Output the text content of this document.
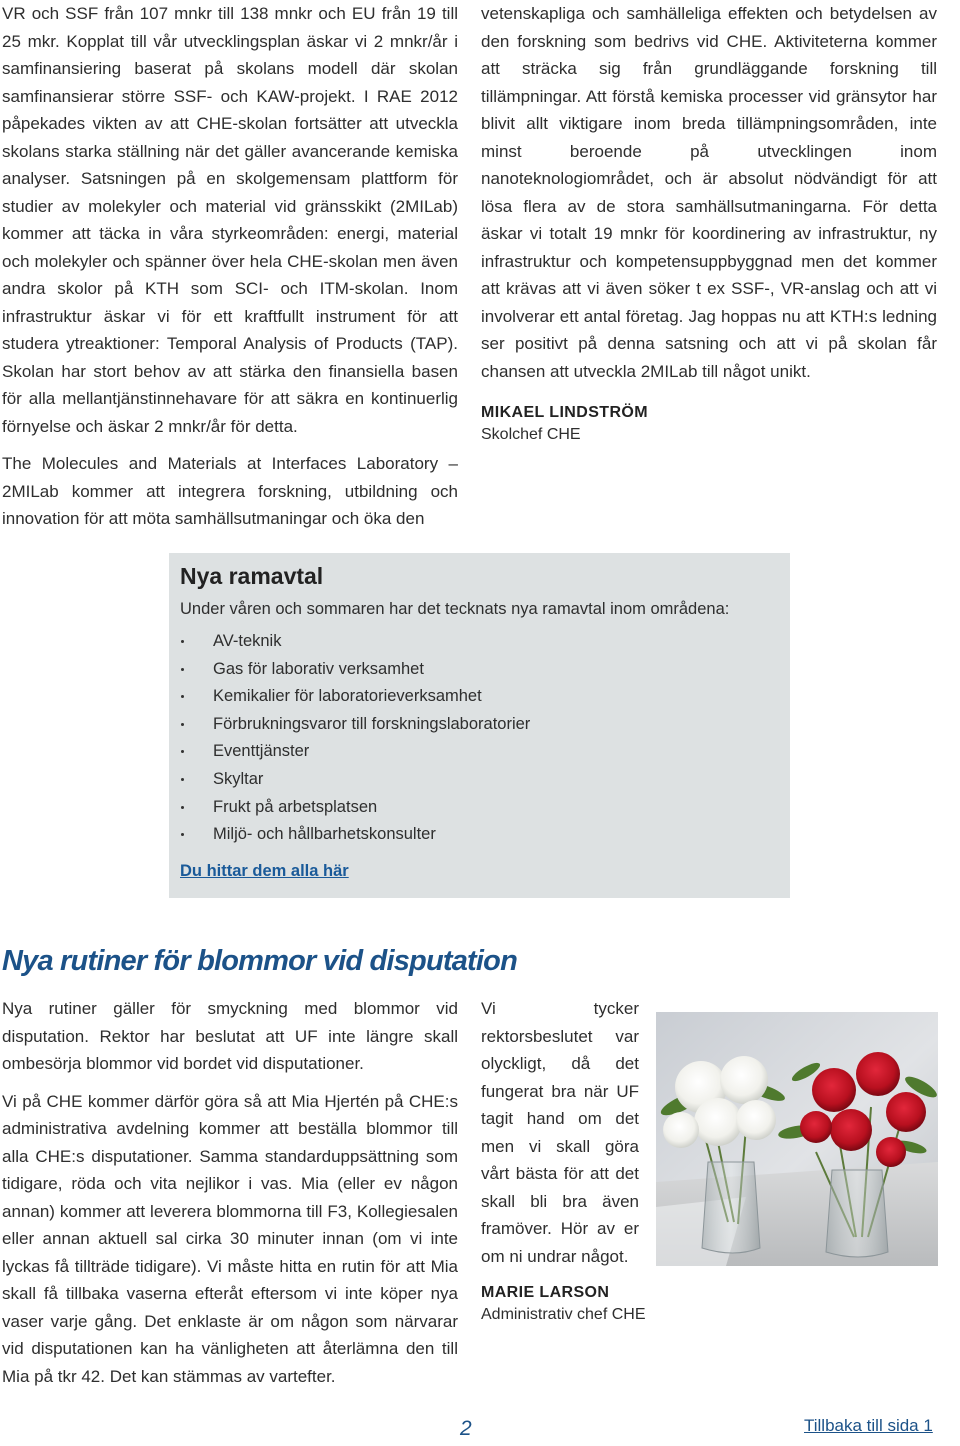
VR och SSF från 107 mnkr till 138 mnkr och EU från 19 till 25 mkr. Kopplat till vår utvecklingsplan äskar vi 2 mnkr/år i samfinansiering baserat på skolans modell där skolan samfinansierar större SSF- och KAW-projekt. I RAE 2012 påpekades vikten av att CHE-skolan fortsätter att utveckla skolans starka ställning när det gäller avancerande kemiska analyser. Satsningen på en skolgemensam plattform för studier av molekyler och material vid gränsskikt (2MILab) kommer att täcka in våra styrkeområden: energi, material och molekyler och spänner över hela CHE-skolan men även andra skolor på KTH som SCI- och ITM-skolan. Inom infrastruktur äskar vi för ett kraftfullt instrument för att studera ytreaktioner: Temporal Analysis of Products (TAP). Skolan har stort behov av att stärka den finansiella basen för alla mellantjänstinnehavare för att säkra en kontinuerlig förnyelse och äskar 2 mnkr/år för detta.

The Molecules and Materials at Interfaces Laboratory – 2MILab kommer att integrera forskning, utbildning och innovation för att möta samhällsutmaningar och öka den

vetenskapliga och samhälleliga effekten och betydelsen av den forskning som bedrivs vid CHE. Aktiviteterna kommer att sträcka sig från grundläggande forskning till tillämpningar. Att förstå kemiska processer vid gränsytor har blivit allt viktigare inom breda tillämpningsområden, inte minst beroende på utvecklingen inom nanoteknologiområdet, och är absolut nödvändigt för att lösa flera av de stora samhällsutmaningarna. För detta äskar vi totalt 19 mnkr för koordinering av infrastruktur, ny infrastruktur och kompetensuppbyggnad men det kommer att krävas att vi även söker t ex SSF-, VR-anslag och att vi involverar ett antal företag. Jag hoppas nu att KTH:s ledning ser positivt på denna satsning och att vi på skolan får chansen att utveckla 2MILab till något unikt.

MIKAEL LINDSTRÖM
Skolchef CHE
Nya ramavtal

Under våren och sommaren har det tecknats nya ramavtal inom områdena:

AV-teknik
Gas för laborativ verksamhet
Kemikalier för laboratorieverksamhet
Förbrukningsvaror till forskningslaboratorier
Eventtjänster
Skyltar
Frukt på arbetsplatsen
Miljö- och hållbarhetskonsulter
Du hittar dem alla här
Nya rutiner för blommor vid disputation

Nya rutiner gäller för smyckning med blommor vid disputation. Rektor har beslutat att UF inte längre skall ombesörja blommor vid bordet vid disputationer.

Vi på CHE kommer därför göra så att Mia Hjertén på CHE:s administrativa avdelning kommer att beställa blommor till alla CHE:s disputationer. Samma standarduppsättning som tidigare, röda och vita nejlikor i vas. Mia (eller ev någon annan) kommer att leverera blommorna till F3, Kollegiesalen eller annan aktuell sal cirka 30 minuter innan (om vi inte lyckas få tillträde tidigare). Vi måste hitta en rutin för att Mia skall få tillbaka vaserna efteråt eftersom vi inte köper nya vaser varje gång. Det enklaste är om någon som närvarar vid disputationen kan ha vänligheten att återlämna den till Mia på tkr 42. Det kan stämmas av vartefter.

Vi tycker rektorsbeslutet var olyckligt, då det fungerat bra när UF tagit hand om det men vi skall göra vårt bästa för att det skall bli bra även framöver. Hör av er om ni undrar något.

MARIE LARSON
Administrativ chef CHE
2	Tillbaka till sida 1
